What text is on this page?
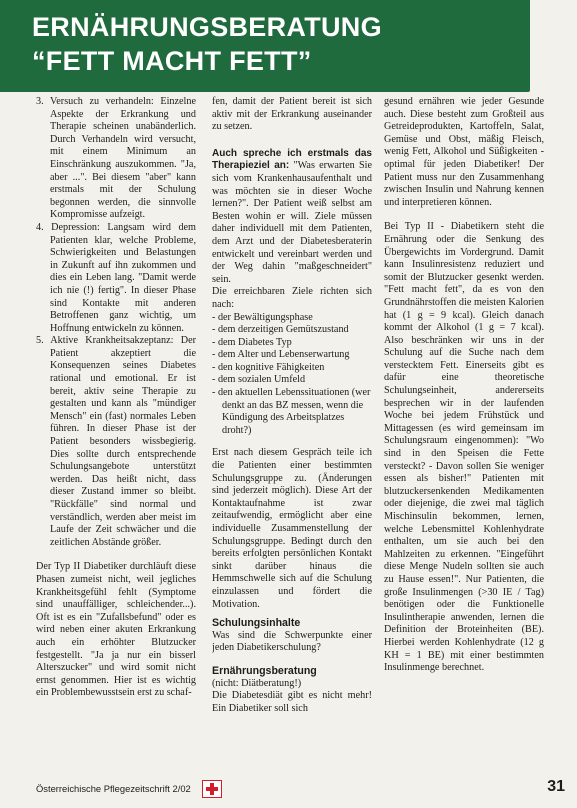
ERNÄHRUNGSBERATUNG
“FETT MACHT FETT”

3. Versuch zu verhandeln: Einzelne Aspekte der Erkrankung und Therapie scheinen unabänderlich. Durch Verhandeln wird versucht, mit einem Minimum an Einschränkung auszukommen. "Ja, aber ...". Bei diesem "aber" kann erstmals mit der Schulung begonnen werden, die sinnvolle Kompromisse aufzeigt.

4. Depression: Langsam wird dem Patienten klar, welche Probleme, Schwierigkeiten und Belastungen in Zukunft auf ihn zukommen und dies ein Leben lang. "Damit werde ich nie (!) fertig". In dieser Phase sind Kontakte mit anderen Betroffenen ganz wichtig, um Hoffnung entwickeln zu können.

5. Aktive Krankheitsakzeptanz: Der Patient akzeptiert die Konsequenzen seines Diabetes rational und emotional. Er ist bereit, aktiv seine Therapie zu gestalten und kann als "mündiger Mensch" ein (fast) normales Leben führen. In dieser Phase ist der Patient besonders wissbegierig. Dies sollte durch entsprechende Schulungsangebote unterstützt werden. Das heißt nicht, dass dieser Zustand immer so bleibt. "Rückfälle" sind normal und verständlich, werden aber meist im Laufe der Zeit schwächer und die zeitlichen Abstände größer.

Der Typ II Diabetiker durchläuft diese Phasen zumeist nicht, weil jegliches Krankheitsgefühl fehlt (Symptome sind unauffälliger, schleichender...). Oft ist es ein "Zufallsbefund" oder es wird neben einer akuten Erkrankung auch ein erhöhter Blutzucker festgestellt. "Ja ja nur ein bisserl Alterszucker" und wird somit nicht ernst genommen. Hier ist es wichtig ein Problembewusstsein erst zu schaf-

fen, damit der Patient bereit ist sich aktiv mit der Erkrankung auseinander zu setzen.

Auch spreche ich erstmals das Therapieziel an: "Was erwarten Sie sich vom Krankenhausaufenthalt und was möchten sie in dieser Woche lernen?". Der Patient weiß selbst am Besten wohin er will. Ziele müssen daher individuell mit dem Patienten, dem Arzt und der Diabetesberaterin entwickelt und vereinbart werden und der Weg dahin "maßgeschneidert" sein.

Die erreichbaren Ziele richten sich nach:

- der Bewältigungsphase
- dem derzeitigen Gemütszustand
- dem Diabetes Typ
- dem Alter und Lebenserwartung
- den kognitive Fähigkeiten
- dem sozialen Umfeld
- den aktuellen Lebenssituationen (wer denkt an das BZ messen, wenn die Kündigung des Arbeitsplatzes droht?)

Erst nach diesem Gespräch teile ich die Patienten einer bestimmten Schulungsgruppe zu. (Änderungen sind jederzeit möglich). Diese Art der Kontaktaufnahme ist zwar zeitaufwendig, ermöglicht aber eine individuelle Zusammenstellung der Schulungsgruppe. Bedingt durch den bereits erfolgten persönlichen Kontakt sinkt darüber hinaus die Hemmschwelle sich auf die Schulung einzulassen und fördert die Motivation.

Schulungsinhalte

Was sind die Schwerpunkte einer jeden Diabetikerschulung?

Ernährungsberatung

(nicht: Diätberatung!)

Die Diabetesdiät gibt es nicht mehr! Ein Diabetiker soll sich

gesund ernähren wie jeder Gesunde auch. Diese besteht zum Großteil aus Getreideprodukten, Kartoffeln, Salat, Gemüse und Obst, mäßig Fleisch, wenig Fett, Alkohol und Süßigkeiten - optimal für jeden Diabetiker! Der Patient muss nur den Zusammenhang zwischen Insulin und Nahrung kennen und interpretieren können.

Bei Typ II - Diabetikern steht die Ernährung oder die Senkung des Übergewichts im Vordergrund. Damit kann Insulinresistenz reduziert und somit der Blutzucker gesenkt werden. "Fett macht fett", da es von den Grundnährstoffen die meisten Kalorien hat (1 g = 9 kcal). Gleich danach kommt der Alkohol (1 g = 7 kcal). Also beschränken wir uns in der Schulung auf die Suche nach dem verstecktem Fett. Einerseits gibt es dafür eine theoretische Schulungseinheit, andererseits besprechen wir in der laufenden Woche bei jedem Frühstück und Mittagessen (es wird gemeinsam im Schulungsraum eingenommen): "Wo sind in den Speisen die Fette versteckt? - Davon sollen Sie weniger essen als bisher!" Patienten mit blutzuckersenkenden Medikamenten oder diejenige, die zwei mal täglich Mischinsulin bekommen, lernen, welche Lebensmittel Kohlenhydrate enthalten, um sie auch bei den Mahlzeiten zu erkennen. "Eingeführt diese Menge Nudeln sollten sie auch zu Hause essen!". Nur Patienten, die große Insulinmengen (>30 IE / Tag) benötigen oder die Funktionelle Insulintherapie anwenden, lernen die Definition der Broteinheiten (BE). Hierbei werden Kohlenhydrate (12 g KH = 1 BE) mit einer bestimmten Insulinmenge berechnet.

Österreichische Pflegezeitschrift 2/02	31
